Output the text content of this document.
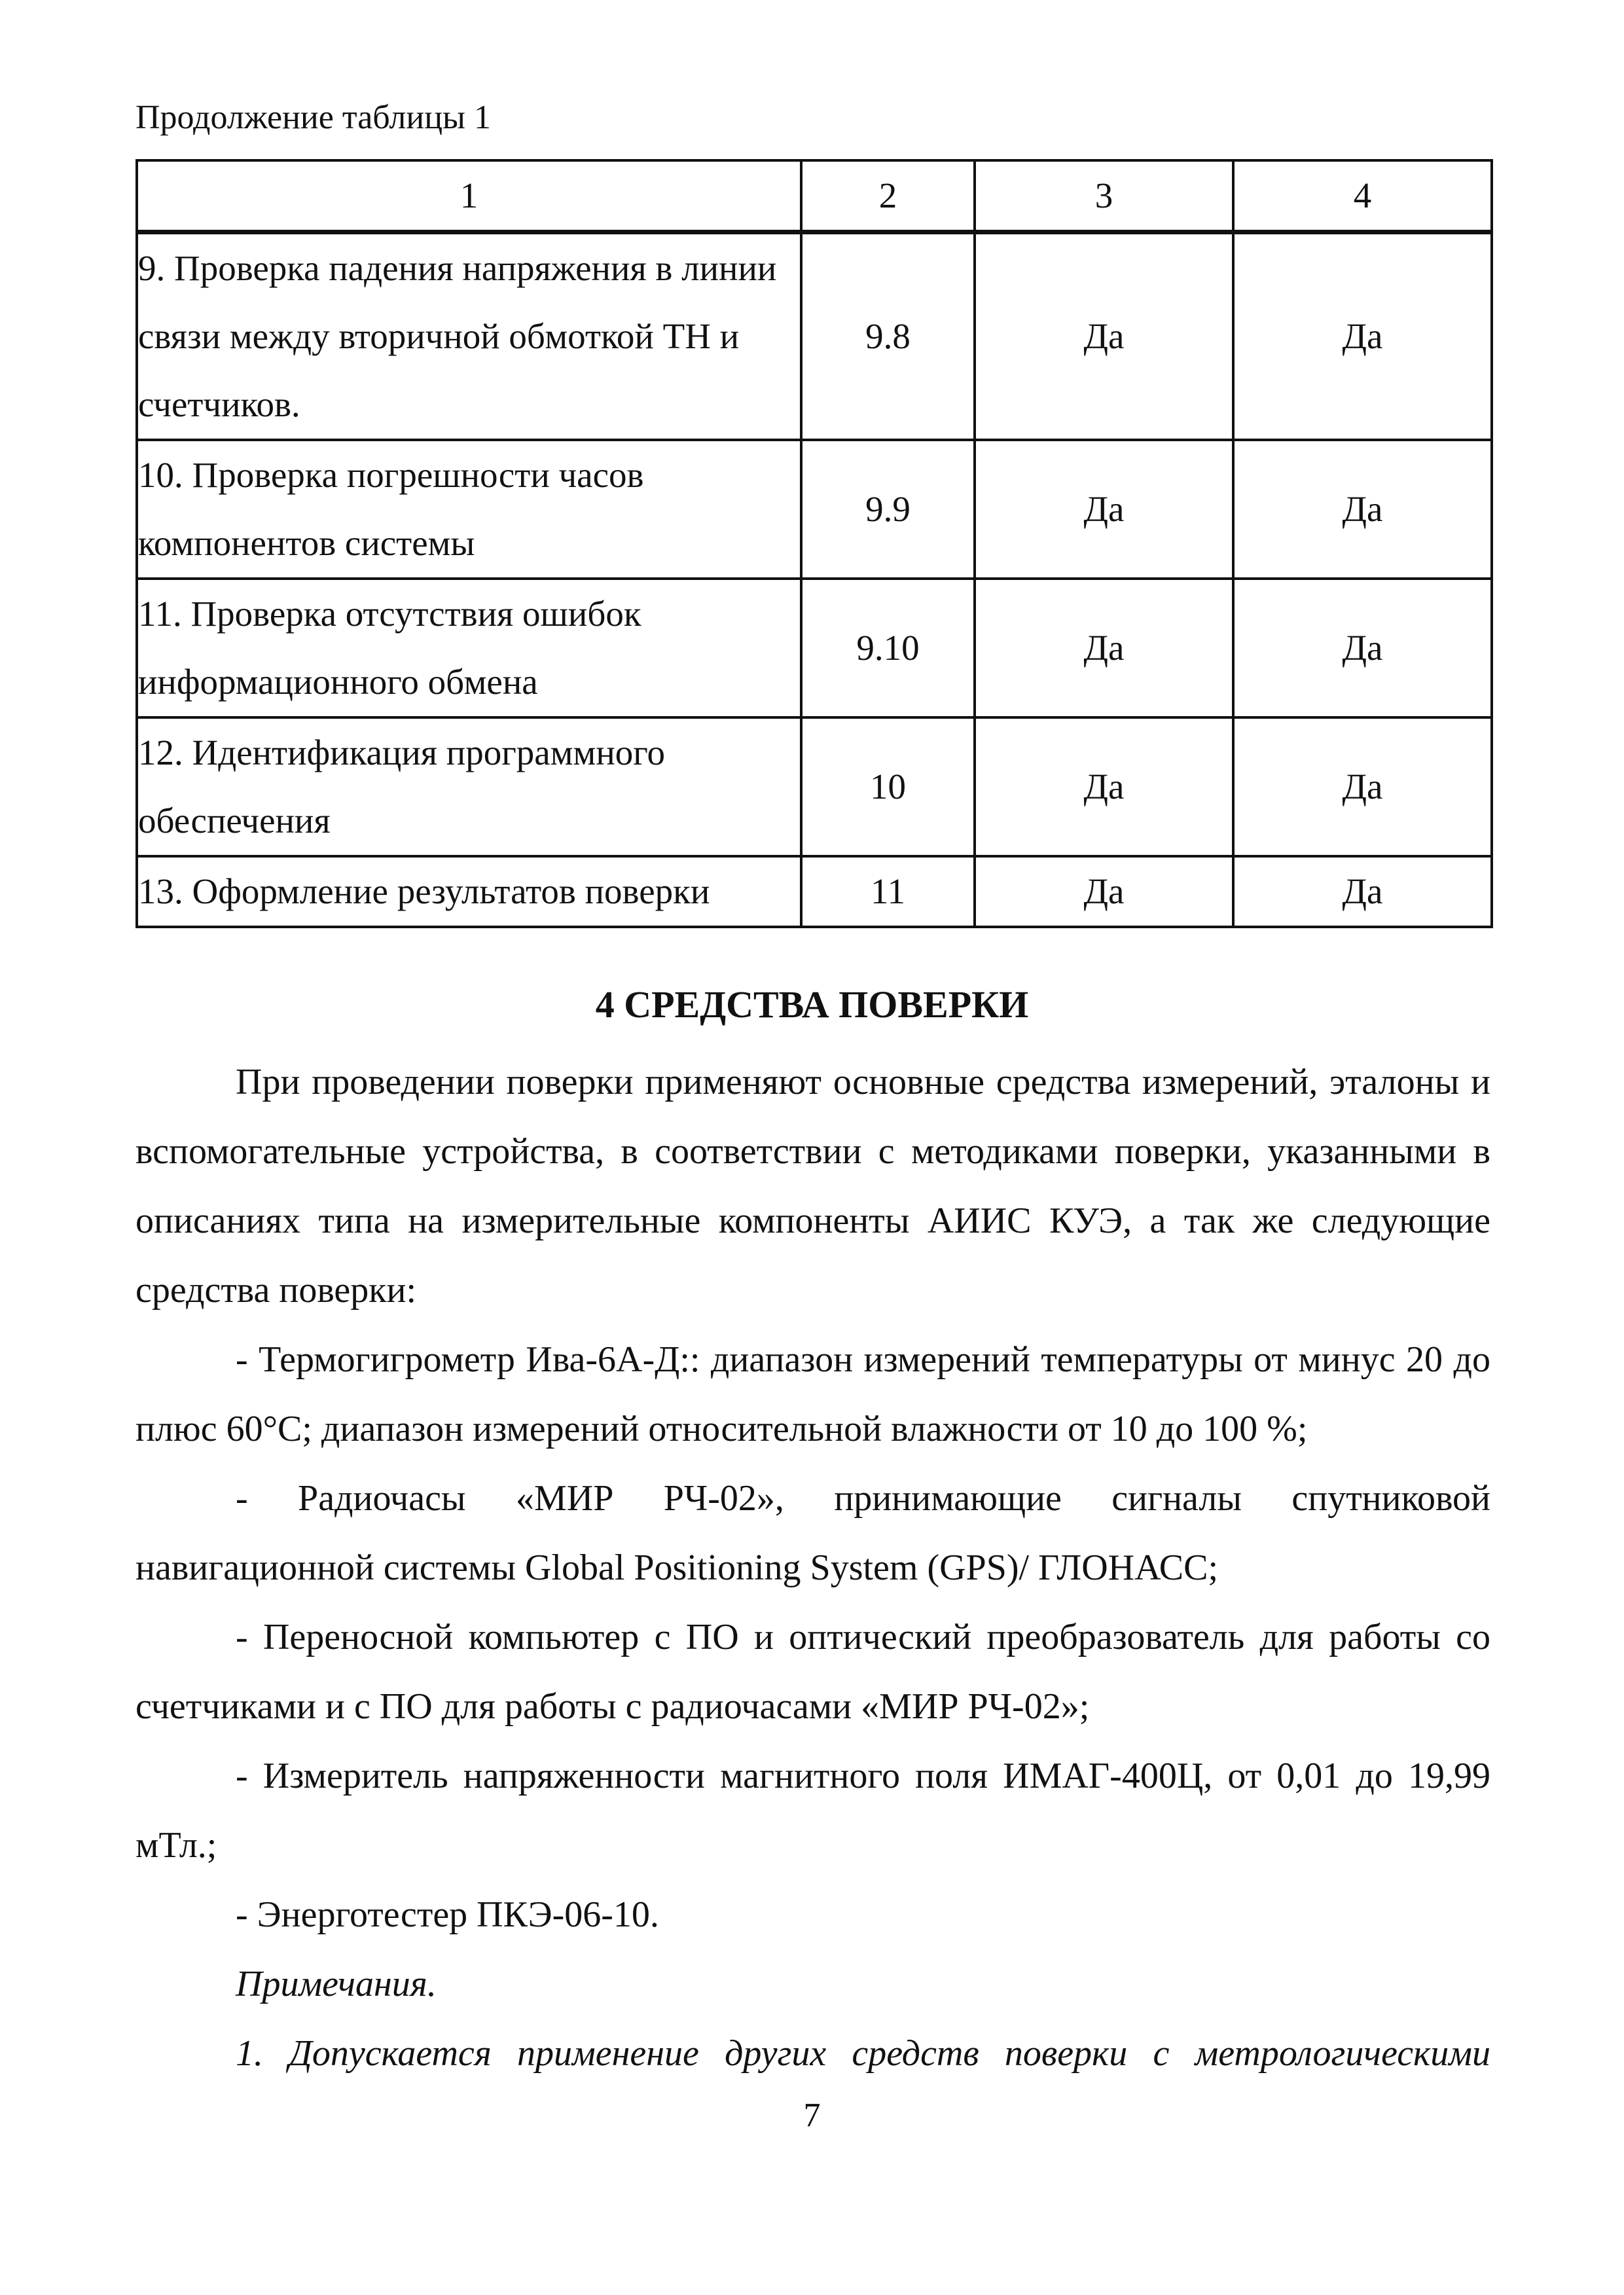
Продолжение таблицы 1
1	2	3	4
9. Проверка падения напряжения в линии связи между вторичной обмоткой ТН и счетчиков.	9.8	Да	Да
10. Проверка погрешности часов компонентов системы	9.9	Да	Да
11. Проверка отсутствия ошибок информационного обмена	9.10	Да	Да
12. Идентификация программного обеспечения	10	Да	Да
13. Оформление результатов поверки	11	Да	Да
4 СРЕДСТВА ПОВЕРКИ

При проведении поверки применяют основные средства измерений, эталоны и вспомогательные устройства, в соответствии с методиками поверки, указанными в описаниях типа на измерительные компоненты АИИС КУЭ, а так же следующие средства поверки:

- Термогигрометр Ива-6А-Д:: диапазон измерений температуры от минус 20 до плюс 60°С; диапазон измерений относительной влажности от 10 до 100 %;

- Радиочасы «МИР РЧ-02», принимающие сигналы спутниковой навигационной системы Global Positioning System (GPS)/ ГЛОНАСС;

- Переносной компьютер с ПО и оптический преобразователь для работы со счетчиками и с ПО для работы с радиочасами «МИР РЧ-02»;

- Измеритель напряженности магнитного поля ИМАГ-400Ц, от 0,01 до 19,99 мТл.;

- Энерготестер ПКЭ-06-10.

Примечания.

1. Допускается применение других средств поверки с метрологическими

7
